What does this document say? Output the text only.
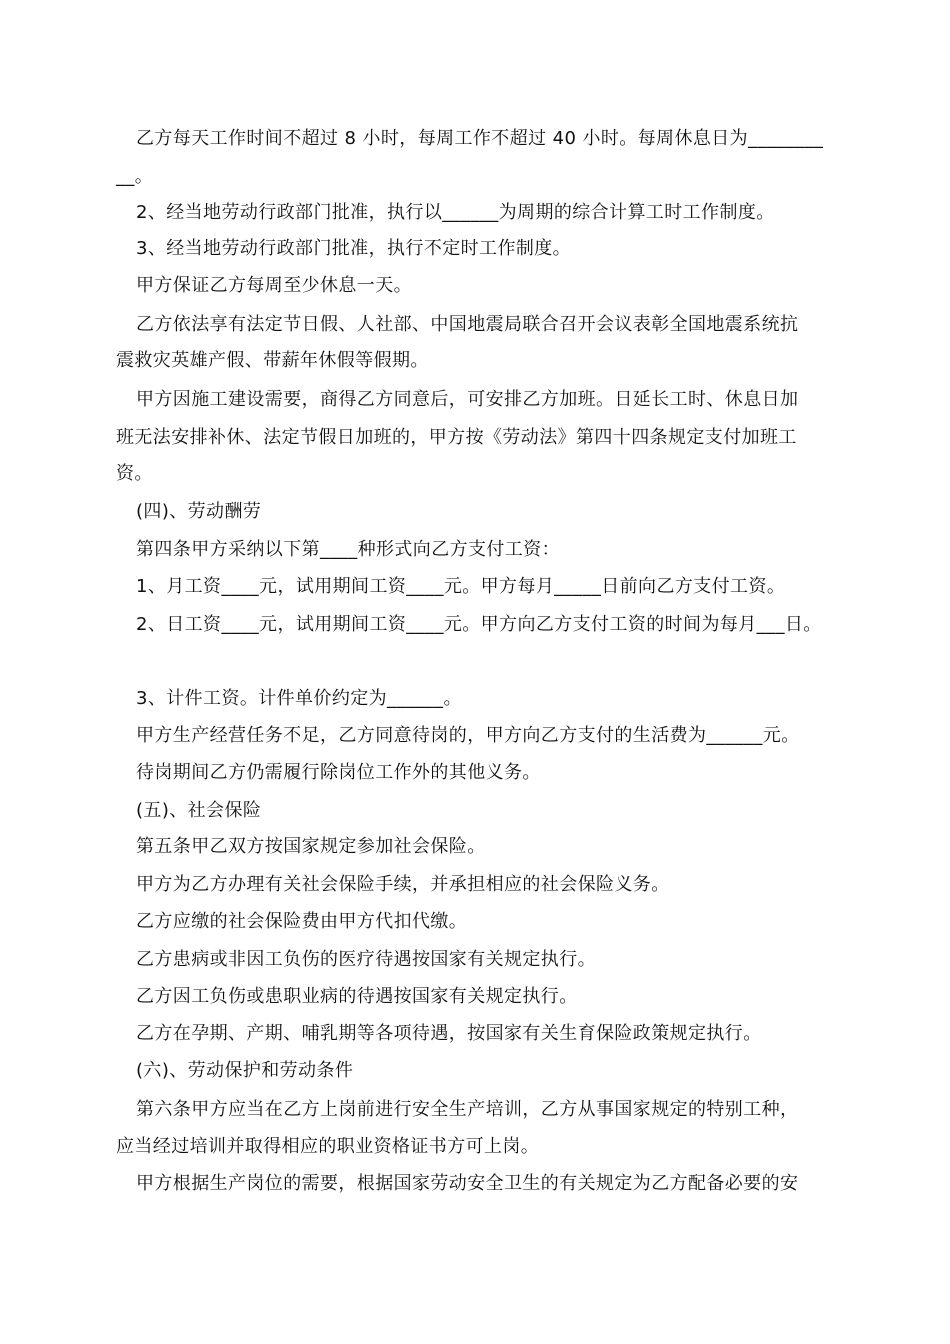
乙方每天工作时间不超过 8 小时，每周工作不超过 40 小时。每周休息日为________
__。
2、经当地劳动行政部门批准，执行以______为周期的综合计算工时工作制度。
3、经当地劳动行政部门批准，执行不定时工作制度。
甲方保证乙方每周至少休息一天。
乙方依法享有法定节日假、人社部、中国地震局联合召开会议表彰全国地震系统抗
震救灾英雄产假、带薪年休假等假期。
甲方因施工建设需要，商得乙方同意后，可安排乙方加班。日延长工时、休息日加
班无法安排补休、法定节假日加班的，甲方按《劳动法》第四十四条规定支付加班工
资。
(四)、劳动酬劳
第四条甲方采纳以下第____种形式向乙方支付工资：
1、月工资____元，试用期间工资____元。甲方每月_____日前向乙方支付工资。
2、日工资____元，试用期间工资____元。甲方向乙方支付工资的时间为每月___日。
3、计件工资。计件单价约定为______。
甲方生产经营任务不足，乙方同意待岗的，甲方向乙方支付的生活费为______元。
待岗期间乙方仍需履行除岗位工作外的其他义务。
(五)、社会保险
第五条甲乙双方按国家规定参加社会保险。
甲方为乙方办理有关社会保险手续，并承担相应的社会保险义务。
乙方应缴的社会保险费由甲方代扣代缴。
乙方患病或非因工负伤的医疗待遇按国家有关规定执行。
乙方因工负伤或患职业病的待遇按国家有关规定执行。
乙方在孕期、产期、哺乳期等各项待遇，按国家有关生育保险政策规定执行。
(六)、劳动保护和劳动条件
第六条甲方应当在乙方上岗前进行安全生产培训，乙方从事国家规定的特别工种，
应当经过培训并取得相应的职业资格证书方可上岗。
甲方根据生产岗位的需要，根据国家劳动安全卫生的有关规定为乙方配备必要的安
